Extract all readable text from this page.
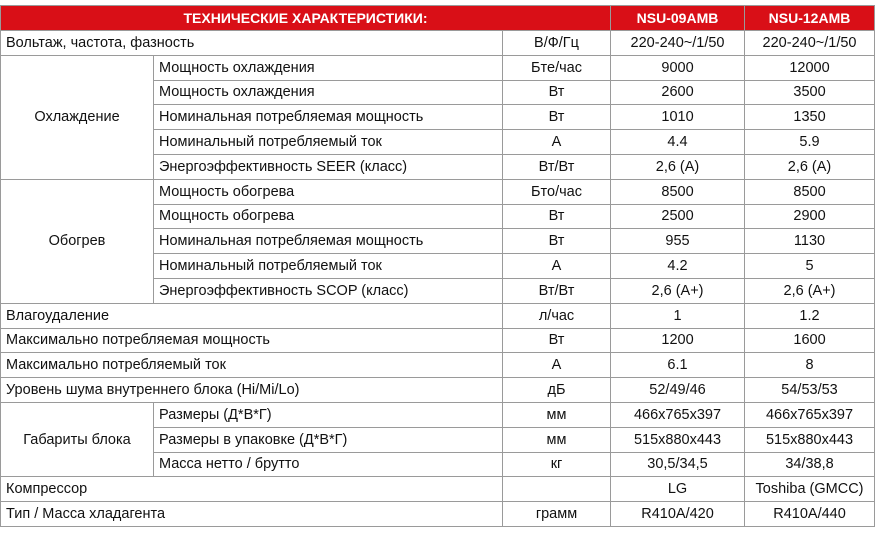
ТЕХНИЧЕСКИЕ ХАРАКТЕРИСТИКИ:			NSU-09AMB	NSU-12AMB
Вольтаж, частота, фазность		В/Ф/Гц	220-240~/1/50	220-240~/1/50
Охлаждение	Мощность охлаждения	Бте/час	9000	12000
	Мощность охлаждения	Вт	2600	3500
	Номинальная потребляемая мощность	Вт	1010	1350
	Номинальный потребляемый ток	А	4.4	5.9
	Энергоэффективность SEER (класс)	Вт/Вт	2,6 (A)	2,6 (A)
Обогрев	Мощность обогрева	Бто/час	8500	8500
	Мощность обогрева	Вт	2500	2900
	Номинальная потребляемая мощность	Вт	955	1130
	Номинальный потребляемый ток	А	4.2	5
	Энергоэффективность SCOP (класс)	Вт/Вт	2,6 (A+)	2,6 (A+)
Влагоудаление		л/час	1	1.2
Максимально потребляемая мощность		Вт	1200	1600
Максимально потребляемый ток		А	6.1	8
Уровень шума внутреннего блока (Hi/Mi/Lo)		дБ	52/49/46	54/53/53
Габариты блока	Размеры (Д*В*Г)	мм	466x765x397	466x765x397
	Размеры в упаковке (Д*В*Г)	мм	515x880x443	515x880x443
	Масса нетто / брутто	кг	30,5/34,5	34/38,8
Компрессор			LG	Toshiba (GMCC)
Тип / Масса хладагента		грамм	R410A/420	R410A/440
